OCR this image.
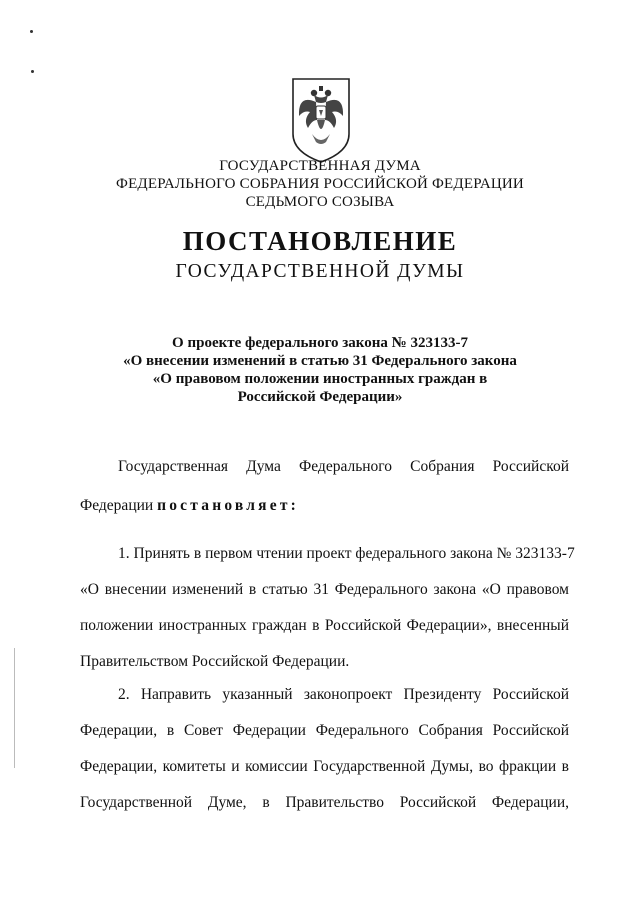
ГОСУДАРСТВЕННАЯ ДУМА
ФЕДЕРАЛЬНОГО СОБРАНИЯ РОССИЙСКОЙ ФЕДЕРАЦИИ
СЕДЬМОГО СОЗЫВА
ПОСТАНОВЛЕНИЕ
ГОСУДАРСТВЕННОЙ ДУМЫ
О проекте федерального закона № 323133-7
«О внесении изменений в статью 31 Федерального закона
«О правовом положении иностранных граждан в
Российской Федерации»
Государственная Дума Федерального Собрания Российской
Федерации постановляет:
1. Принять в первом чтении проект федерального закона № 323133-7
«О внесении изменений в статью 31 Федерального закона «О правовом
положении иностранных граждан в Российской Федерации», внесенный
Правительством Российской Федерации.
2. Направить указанный законопроект Президенту Российской
Федерации, в Совет Федерации Федерального Собрания Российской
Федерации, комитеты и комиссии Государственной Думы, во фракции в
Государственной Думе, в Правительство Российской Федерации,
